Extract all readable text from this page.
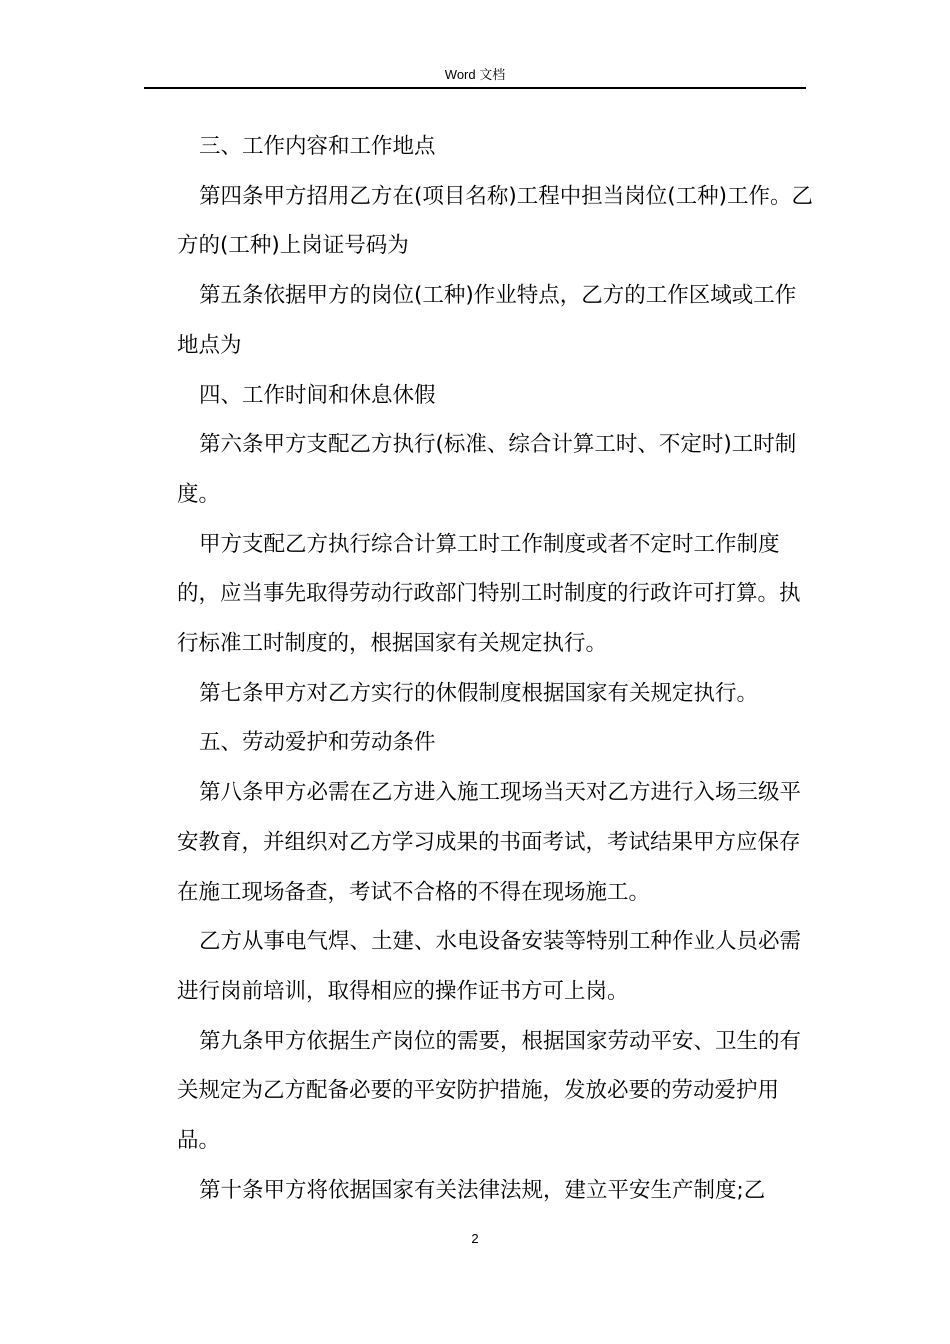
Word 文档

三、工作内容和工作地点

第四条甲方招用乙方在(项目名称)工程中担当岗位(工种)工作。乙方的(工种)上岗证号码为

第五条依据甲方的岗位(工种)作业特点，乙方的工作区域或工作地点为

四、工作时间和休息休假

第六条甲方支配乙方执行(标准、综合计算工时、不定时)工时制度。

甲方支配乙方执行综合计算工时工作制度或者不定时工作制度的，应当事先取得劳动行政部门特别工时制度的行政许可打算。执行标准工时制度的，根据国家有关规定执行。

第七条甲方对乙方实行的休假制度根据国家有关规定执行。

五、劳动爱护和劳动条件

第八条甲方必需在乙方进入施工现场当天对乙方进行入场三级平安教育，并组织对乙方学习成果的书面考试，考试结果甲方应保存在施工现场备查，考试不合格的不得在现场施工。

乙方从事电气焊、土建、水电设备安装等特别工种作业人员必需进行岗前培训，取得相应的操作证书方可上岗。

第九条甲方依据生产岗位的需要，根据国家劳动平安、卫生的有关规定为乙方配备必要的平安防护措施，发放必要的劳动爱护用品。

第十条甲方将依据国家有关法律法规，建立平安生产制度;乙

2
